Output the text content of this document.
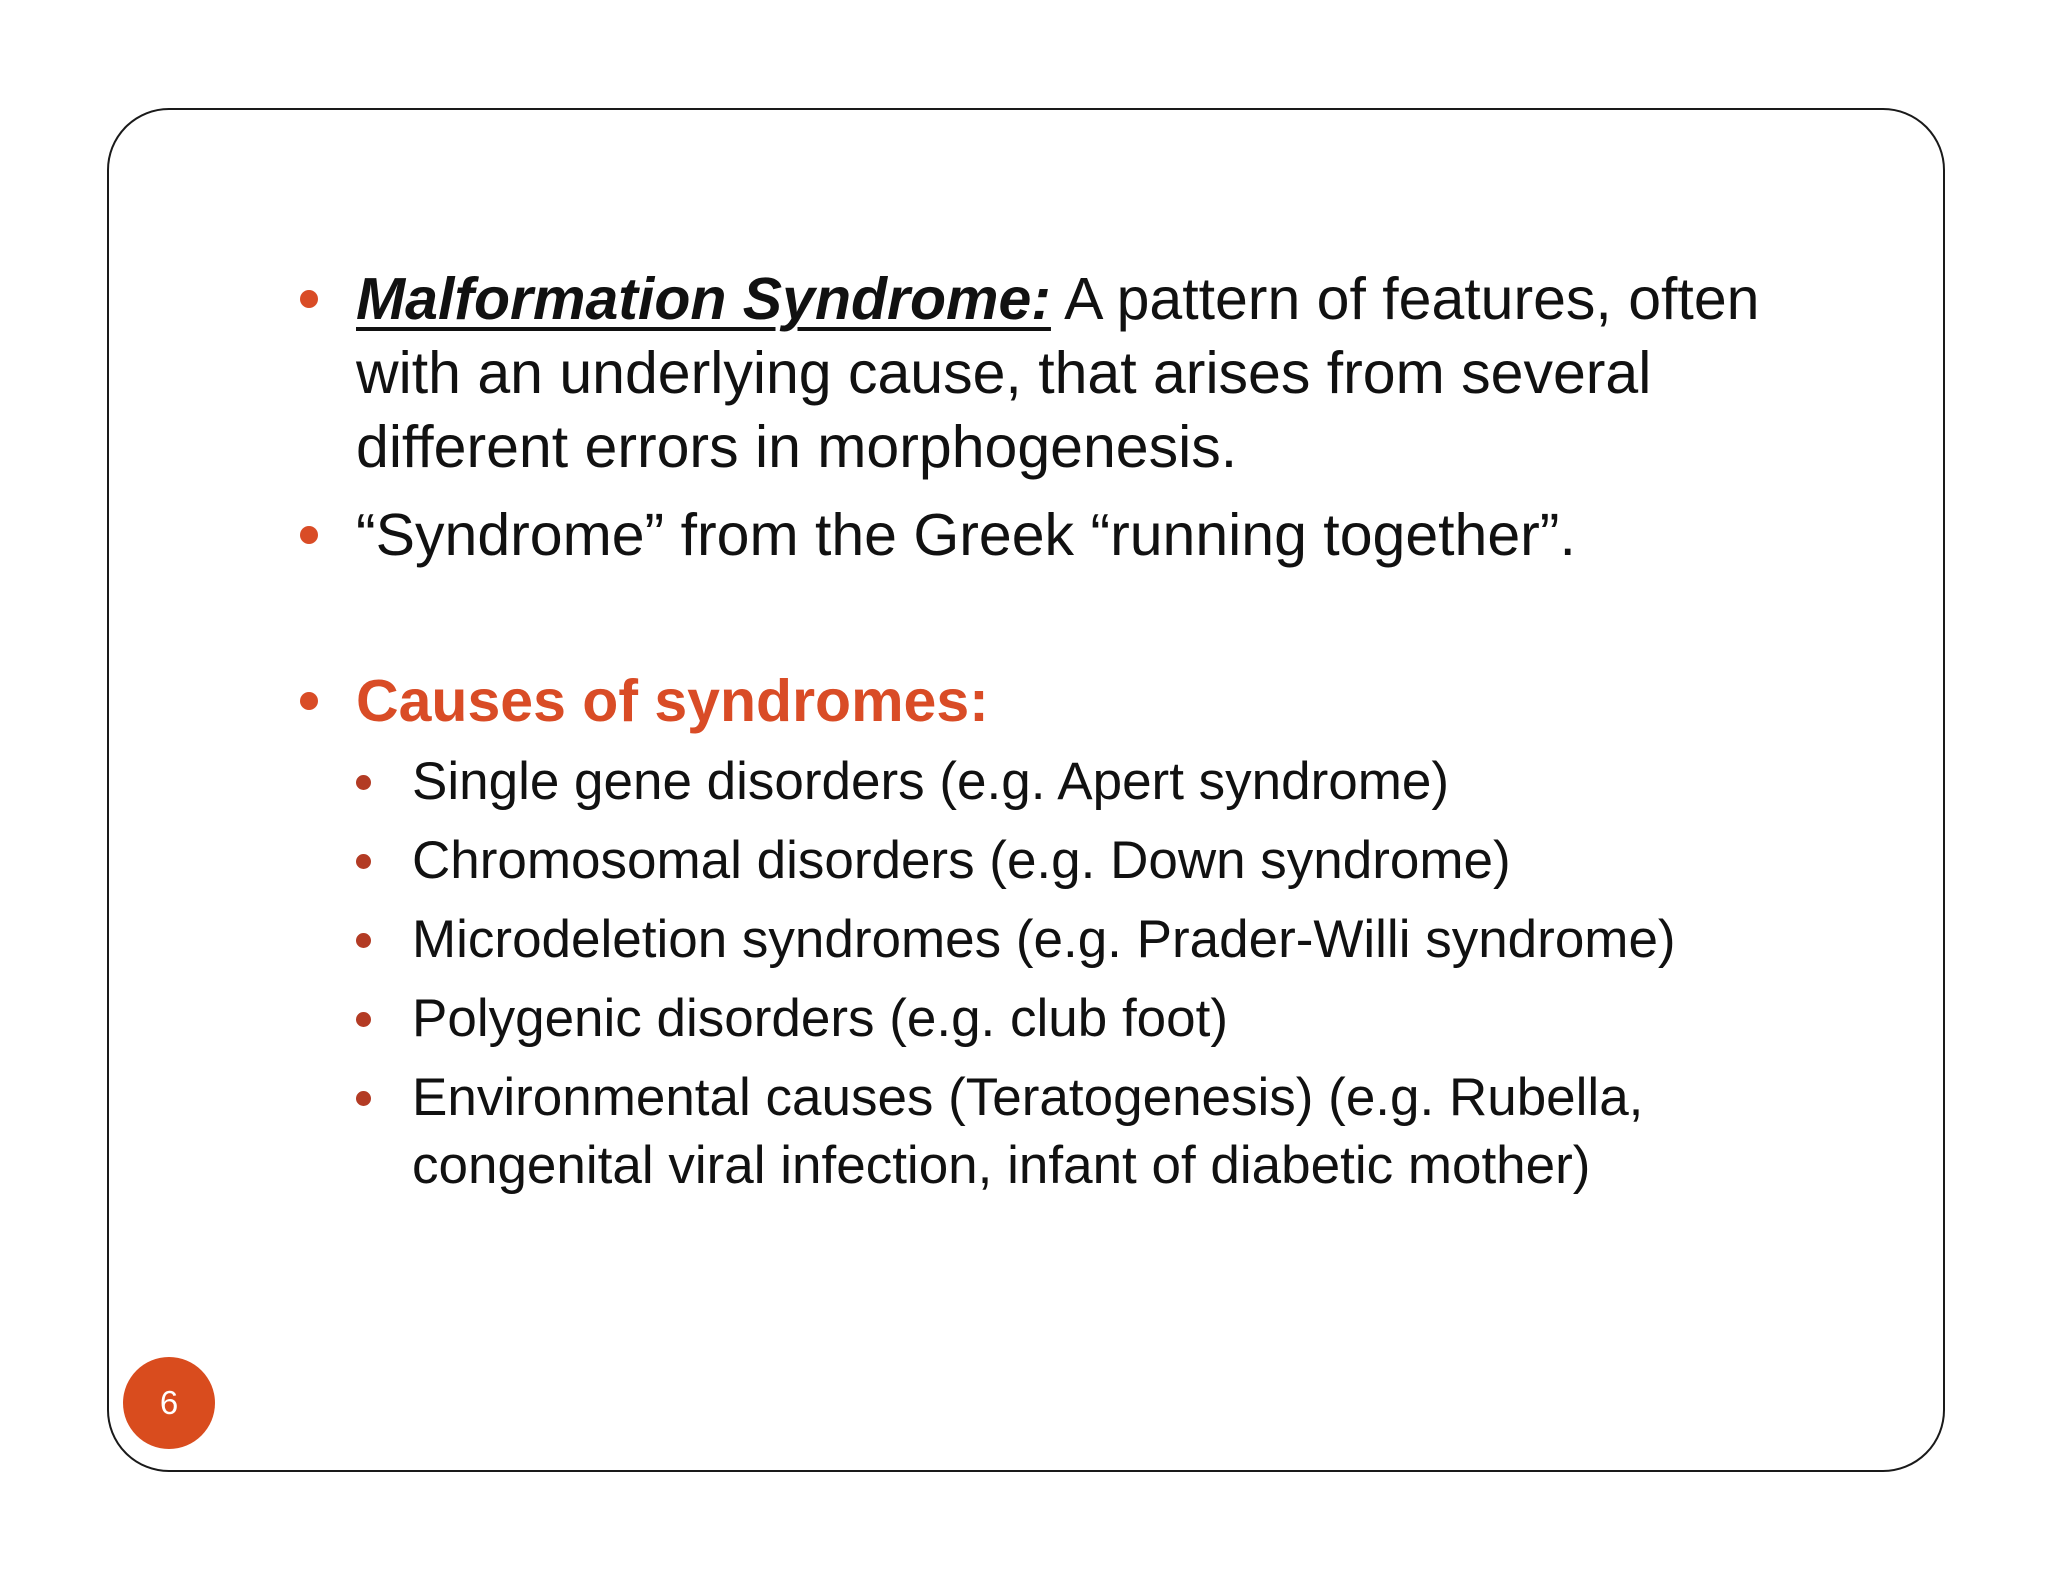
Malformation Syndrome: A pattern of features, often with an underlying cause, that arises from several different errors in morphogenesis.
“Syndrome” from the Greek “running together”.
Causes of syndromes:
Single gene disorders (e.g. Apert syndrome)
Chromosomal disorders (e.g. Down syndrome)
Microdeletion syndromes (e.g. Prader-Willi syndrome)
Polygenic disorders (e.g. club foot)
Environmental causes (Teratogenesis) (e.g. Rubella, congenital viral infection, infant of diabetic mother)
6
